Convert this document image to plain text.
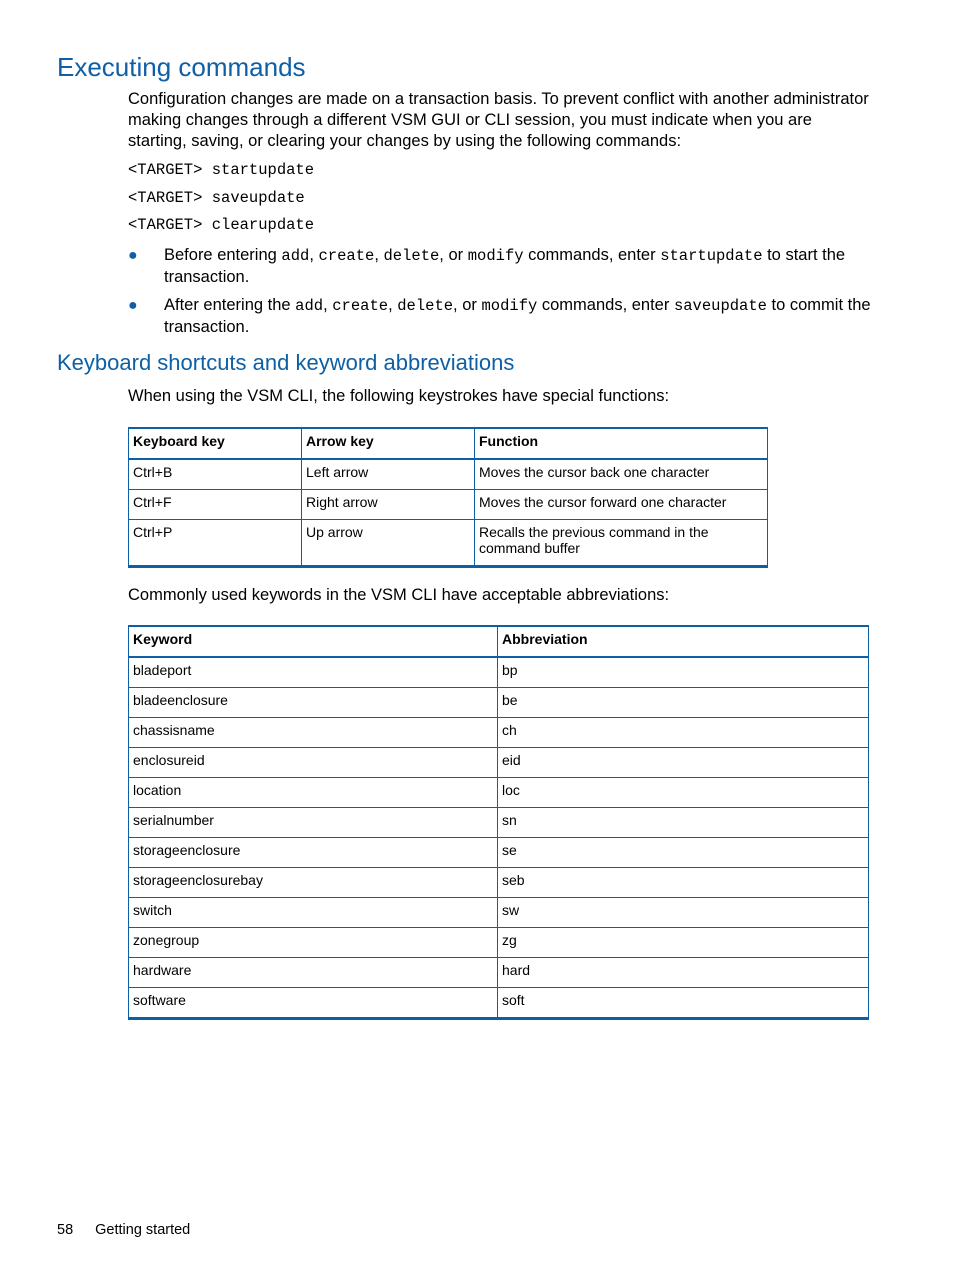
Executing commands

Configuration changes are made on a transaction basis. To prevent conflict with another administrator making changes through a different VSM GUI or CLI session, you must indicate when you are starting, saving, or clearing your changes by using the following commands:

<TARGET> startupdate
<TARGET> saveupdate
<TARGET> clearupdate
● Before entering add, create, delete, or modify commands, enter startupdate to start the transaction.
● After entering the add, create, delete, or modify commands, enter saveupdate to commit the transaction.
Keyboard shortcuts and keyword abbreviations

When using the VSM CLI, the following keystrokes have special functions:

Keyboard key	Arrow key	Function
Ctrl+B	Left arrow	Moves the cursor back one character
Ctrl+F	Right arrow	Moves the cursor forward one character
Ctrl+P	Up arrow	Recalls the previous command in the command buffer

Commonly used keywords in the VSM CLI have acceptable abbreviations:

Keyword	Abbreviation
bladeport	bp
bladeenclosure	be
chassisname	ch
enclosureid	eid
location	loc
serialnumber	sn
storageenclosure	se
storageenclosurebay	seb
switch	sw
zonegroup	zg
hardware	hard
software	soft
58 Getting started
